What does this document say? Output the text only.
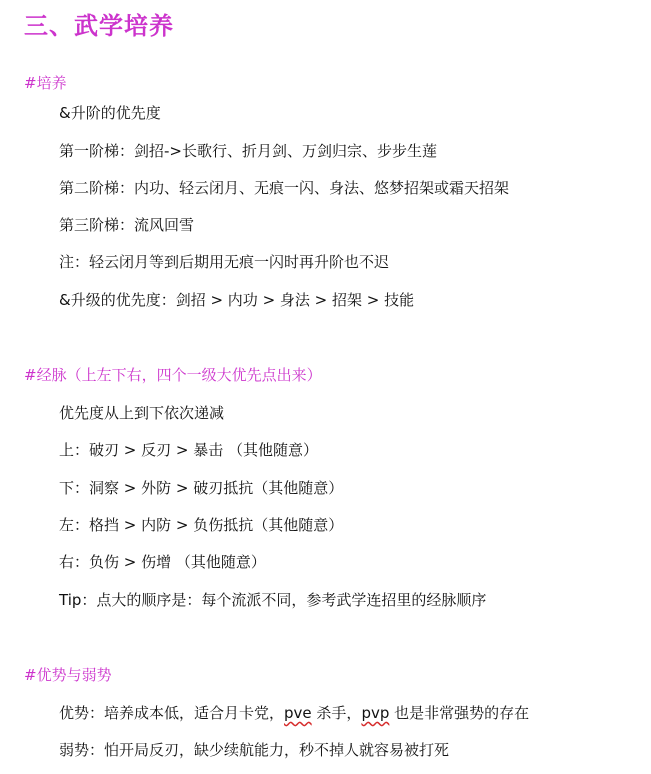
三、武学培养
#培养
&升阶的优先度
第一阶梯：剑招->长歌行、折月剑、万剑归宗、步步生莲
第二阶梯：内功、轻云闭月、无痕一闪、身法、悠梦招架或霜天招架
第三阶梯：流风回雪
注：轻云闭月等到后期用无痕一闪时再升阶也不迟
&升级的优先度：剑招 > 内功 > 身法 > 招架 > 技能
#经脉（上左下右，四个一级大优先点出来）
优先度从上到下依次递减
上：破刃 > 反刃 > 暴击 （其他随意）
下：洞察 > 外防 > 破刃抵抗（其他随意）
左：格挡 > 内防 > 负伤抵抗（其他随意）
右：负伤 > 伤增 （其他随意）
Tip：点大的顺序是：每个流派不同，参考武学连招里的经脉顺序
#优势与弱势
优势：培养成本低，适合月卡党，pve 杀手，pvp 也是非常强势的存在
弱势：怕开局反刃，缺少续航能力，秒不掉人就容易被打死
